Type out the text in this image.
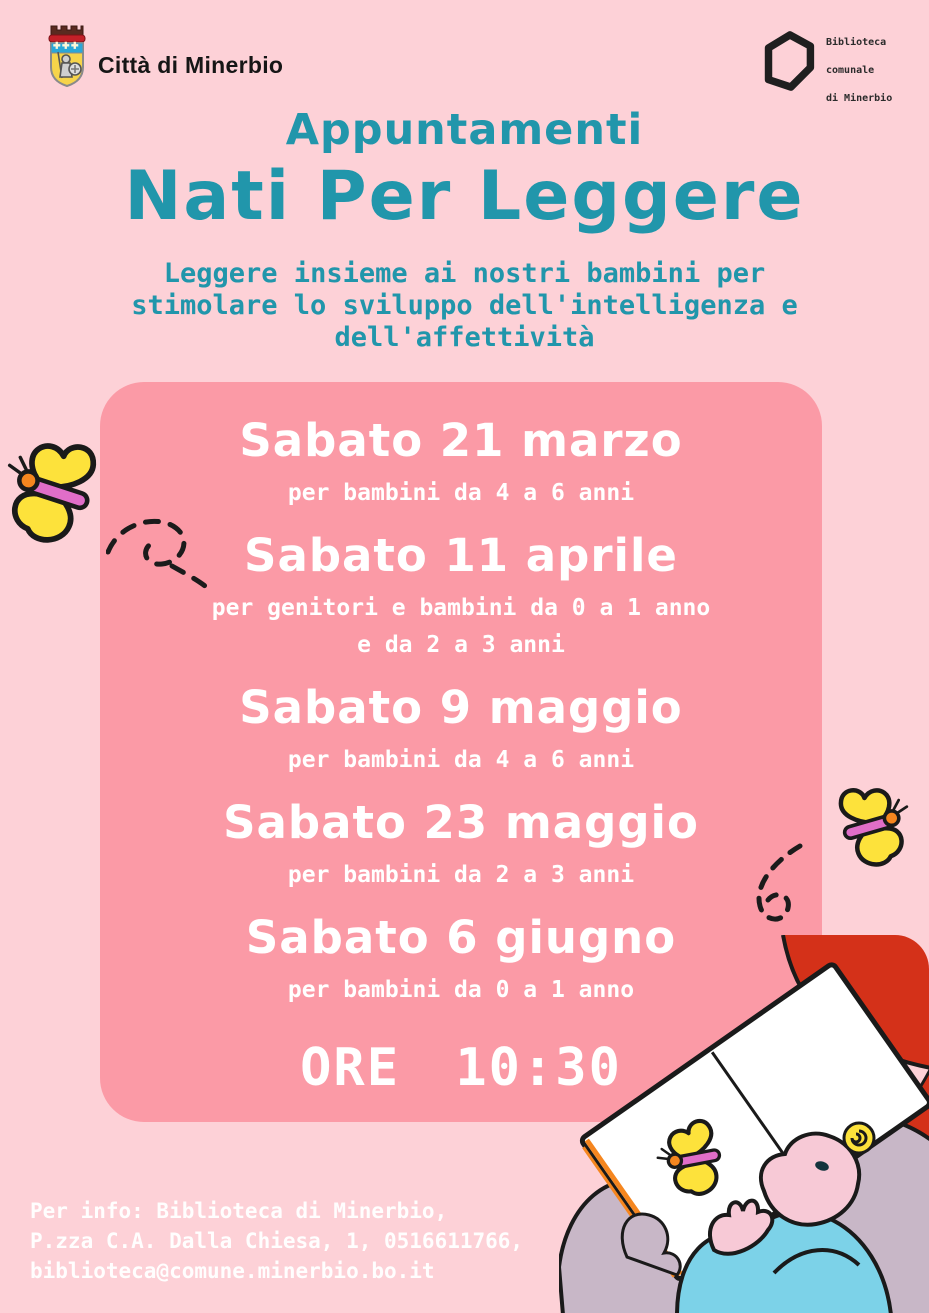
Città di Minerbio
Biblioteca

comunale

di Minerbio
Appuntamenti
Nati Per Leggere
Leggere insieme ai nostri bambini per stimolare lo sviluppo dell'intelligenza e dell'affettività
Sabato 21 marzo
per bambini da 4 a 6 anni
Sabato 11 aprile
per genitori e bambini da 0 a 1 anno
e da 2 a 3 anni
Sabato 9 maggio
per bambini da 4 a 6 anni
Sabato 23 maggio
per bambini da 2 a 3 anni
Sabato 6 giugno
per bambini da 0 a 1 anno
ORE 10:30
Per info: Biblioteca di Minerbio,
P.zza C.A. Dalla Chiesa, 1, 0516611766,
biblioteca@comune.minerbio.bo.it
